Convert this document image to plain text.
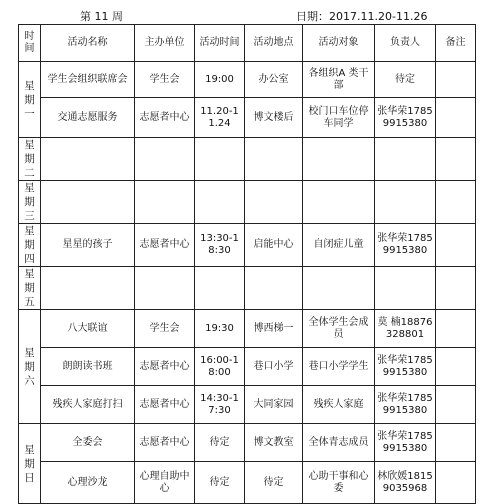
第 11 周	日期：2017.11.20-11.26
时间	活动名称	主办单位	活动时间	活动地点	活动对象	负责人	备注
星期一	学生会组织联席会	学生会	19:00	办公室	各组织A 类干部	待定	
	交通志愿服务	志愿者中心	11.20-11.24	博文楼后	校门口车位停车同学	张华荣17859915380	
星期二							
星期三							
星期四	星星的孩子	志愿者中心	13:30-18:30	启能中心	自闭症儿童	张华荣17859915380	
星期五							
星期六	八大联谊	学生会	19:30	博西梯一	全体学生会成员	莫 楠18876328801	
	朗朗读书班	志愿者中心	16:00-18:00	巷口小学	巷口小学学生	张华荣17859915380	
	残疾人家庭打扫	志愿者中心	14:30-17:30	大同家园	残疾人家庭	张华荣17859915380	
星期日	全委会	志愿者中心	待定	博文教室	全体青志成员	张华荣17859915380	
	心理沙龙	心理自助中心	待定	待定	心助干事和心委	林欣媛18159035968	
